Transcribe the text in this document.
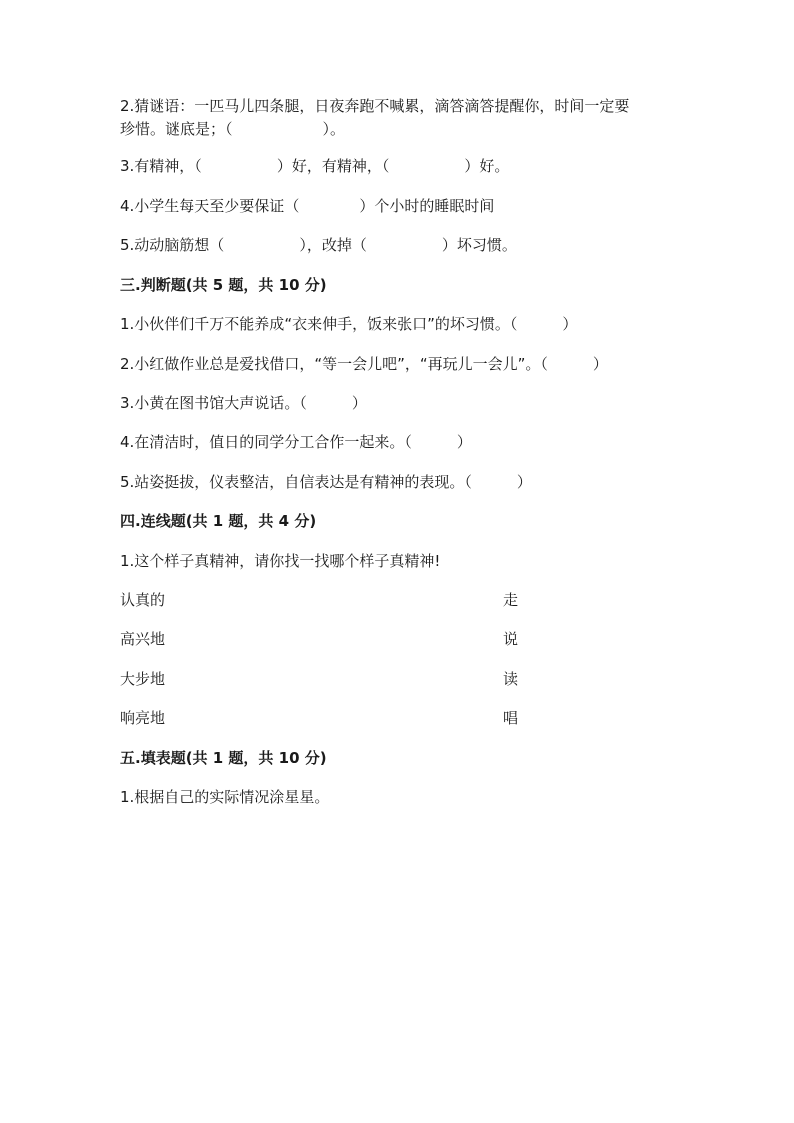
2.猜谜语：一匹马儿四条腿，日夜奔跑不喊累，滴答滴答提醒你，时间一定要
珍惜。谜底是；（　　　　　　）。
3.有精神，（　　　　　）好，有精神，（　　　　　）好。
4.小学生每天至少要保证（　　　　）个小时的睡眠时间
5.动动脑筋想（　　　　　），改掉（　　　　　）坏习惯。
三.判断题(共 5 题，共 10 分)
1.小伙伴们千万不能养成“衣来伸手，饭来张口”的坏习惯。（　　　）
2.小红做作业总是爱找借口，“等一会儿吧”，“再玩儿一会儿”。（　　　）
3.小黄在图书馆大声说话。（　　　）
4.在清洁时，值日的同学分工合作一起来。（　　　）
5.站姿挺拔，仪表整洁，自信表达是有精神的表现。（　　　）
四.连线题(共 1 题，共 4 分)
1.这个样子真精神，请你找一找哪个样子真精神!
认真的	走
高兴地	说
大步地	读
响亮地	唱
五.填表题(共 1 题，共 10 分)
1.根据自己的实际情况涂星星。
